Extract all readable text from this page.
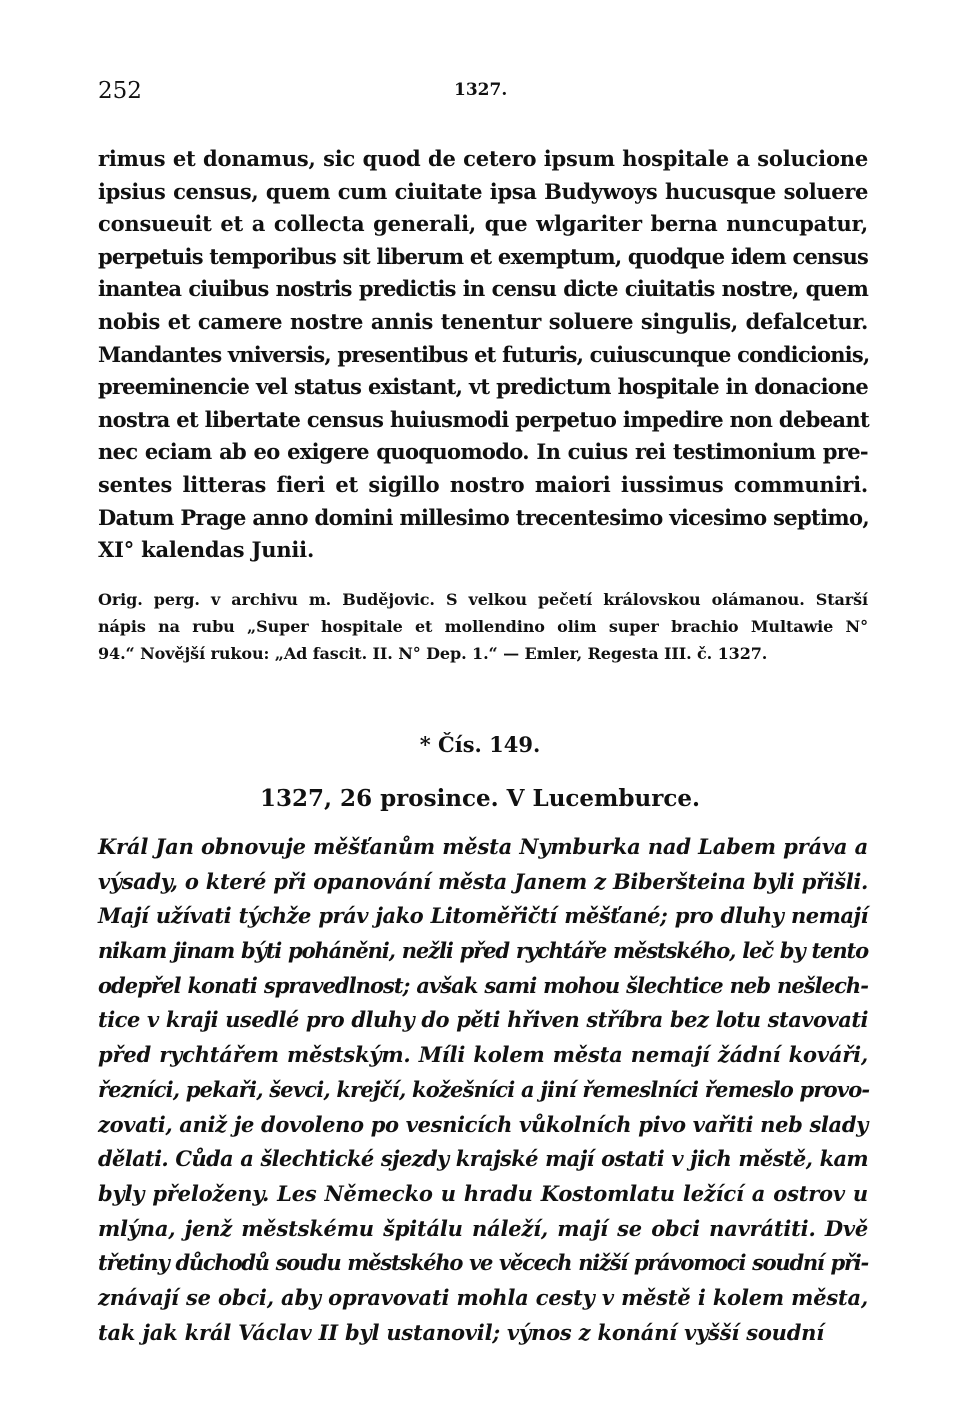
252	1327.
rimus et donamus, sic quod de cetero ipsum hospitale a solucione
ipsius census, quem cum ciuitate ipsa Budywoys hucusque soluere
consueuit et a collecta generali, que wlgariter berna nuncupatur,
perpetuis temporibus sit liberum et exemptum, quodque idem census
inantea ciuibus nostris predictis in censu dicte ciuitatis nostre, quem
nobis et camere nostre annis tenentur soluere singulis, defalcetur.
Mandantes vniversis, presentibus et futuris, cuiuscunque condicionis,
preeminencie vel status existant, vt predictum hospitale in donacione
nostra et libertate census huiusmodi perpetuo impedire non debeant
nec eciam ab eo exigere quoquomodo. In cuius rei testimonium pre-
sentes litteras fieri et sigillo nostro maiori iussimus communiri.
Datum Prage anno domini millesimo trecentesimo vicesimo septimo,
XI° kalendas Junii.
Orig. perg. v archivu m. Budějovic. S velkou pečetí královskou olámanou. Starší
nápis na rubu „Super hospitale et mollendino olim super brachio Multawie N°
94.“ Novější rukou: „Ad fascit. II. N° Dep. 1.“ — Emler, Regesta III. č. 1327.
* Čís. 149.
1327, 26 prosince. V Lucemburce.
Král Jan obnovuje měšťanům města Nymburka nad Labem práva a
výsady, o které při opanování města Janem z Biberšteina byli přišli.
Mají užívati týchže práv jako Litoměřičtí měšťané; pro dluhy nemají
nikam jinam býti poháněni, nežli před rychtáře městského, leč by tento
odepřel konati spravedlnost; avšak sami mohou šlechtice neb nešlech-
tice v kraji usedlé pro dluhy do pěti hřiven stříbra bez lotu stavovati
před rychtářem městským. Míli kolem města nemají žádní kováři,
řezníci, pekaři, ševci, krejčí, kožešníci a jiní řemeslníci řemeslo provo-
zovati, aniž je dovoleno po vesnicích vůkolních pivo vařiti neb slady
dělati. Cůda a šlechtické sjezdy krajské mají ostati v jich městě, kam
byly přeloženy. Les Německo u hradu Kostomlatu ležící a ostrov u
mlýna, jenž městskému špitálu náleží, mají se obci navrátiti. Dvě
třetiny důchodů soudu městského ve věcech nižší právomoci soudní při-
znávají se obci, aby opravovati mohla cesty v městě i kolem města,
tak jak král Václav II byl ustanovil; výnos z konání vyšší soudní
